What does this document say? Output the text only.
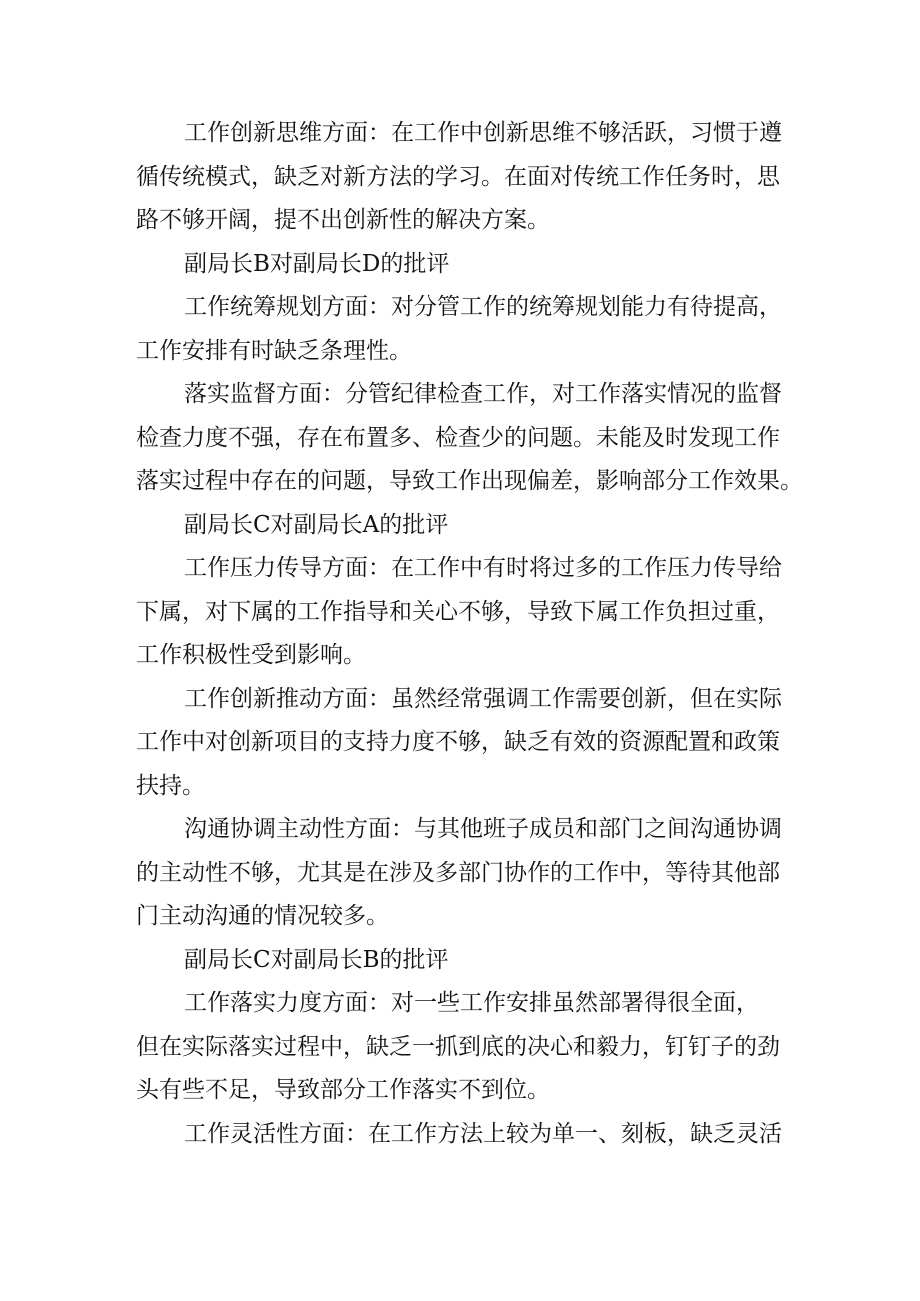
工作创新思维方面：在工作中创新思维不够活跃，习惯于遵
循传统模式，缺乏对新方法的学习。在面对传统工作任务时，思
路不够开阔，提不出创新性的解决方案。
副局长B对副局长D的批评
工作统筹规划方面：对分管工作的统筹规划能力有待提高，
工作安排有时缺乏条理性。
落实监督方面：分管纪律检查工作，对工作落实情况的监督
检查力度不强，存在布置多、检查少的问题。未能及时发现工作
落实过程中存在的问题，导致工作出现偏差，影响部分工作效果。
副局长C对副局长A的批评
工作压力传导方面：在工作中有时将过多的工作压力传导给
下属，对下属的工作指导和关心不够，导致下属工作负担过重，
工作积极性受到影响。
工作创新推动方面：虽然经常强调工作需要创新，但在实际
工作中对创新项目的支持力度不够，缺乏有效的资源配置和政策
扶持。
沟通协调主动性方面：与其他班子成员和部门之间沟通协调
的主动性不够，尤其是在涉及多部门协作的工作中，等待其他部
门主动沟通的情况较多。
副局长C对副局长B的批评
工作落实力度方面：对一些工作安排虽然部署得很全面，
但在实际落实过程中，缺乏一抓到底的决心和毅力，钉钉子的劲
头有些不足，导致部分工作落实不到位。
工作灵活性方面：在工作方法上较为单一、刻板，缺乏灵活
